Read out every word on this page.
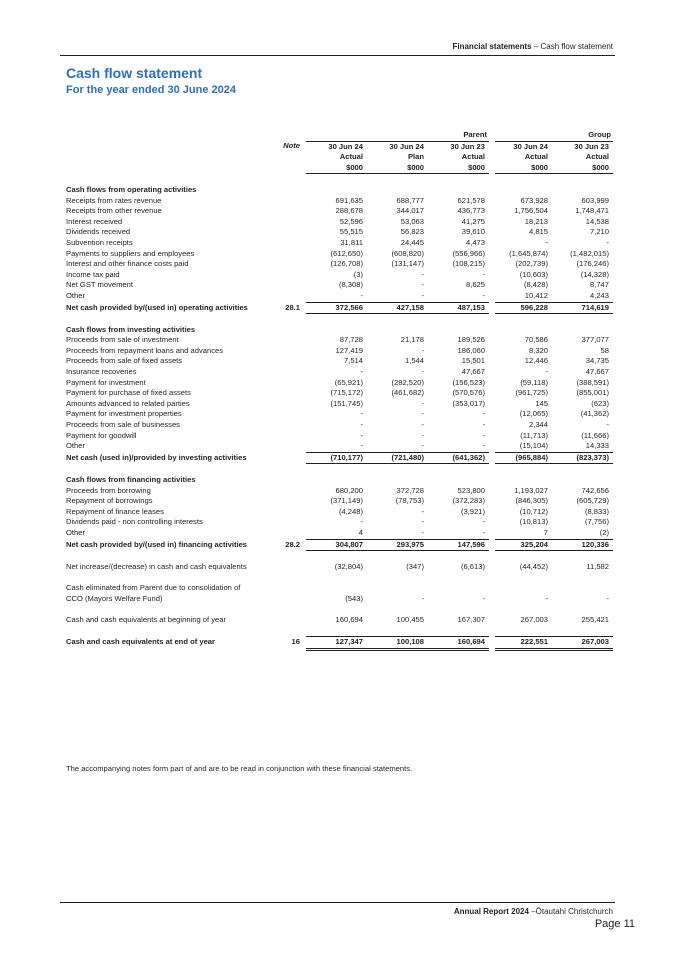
Financial statements – Cash flow statement
Cash flow statement
For the year ended 30 June 2024
		Parent				Group	
	Note	30 Jun 24	30 Jun 24	30 Jun 23		30 Jun 24	30 Jun 23
		Actual	Plan	Actual		Actual	Actual
		$000	$000	$000		$000	$000

Cash flows from operating activities							
Receipts from rates revenue		691,635	688,777	621,578		673,928	603,999
Receipts from other revenue		288,678	344,017	436,773		1,756,504	1,748,471
Interest received		52,596	53,063	41,275		18,213	14,538
Dividends received		55,515	56,823	39,610		4,815	7,210
Subvention receipts		31,811	24,445	4,473		-	-
Payments to suppliers and employees		(612,650)	(608,820)	(556,966)		(1,645,874)	(1,482,015)
Interest and other finance costs paid		(126,708)	(131,147)	(108,215)		(202,739)	(176,246)
Income tax paid		(3)	-	-		(10,603)	(14,328)
Net GST movement		(8,308)	-	8,625		(8,428)	8,747
Other		-	-	-		10,412	4,243
Net cash provided by/(used in) operating activities	28.1	372,566	427,158	487,153		596,228	714,619

Cash flows from investing activities							
Proceeds from sale of investment		87,728	21,178	189,526		70,586	377,077
Proceeds from repayment loans and advances		127,419	-	186,060		8,320	58
Proceeds from sale of fixed assets		7,514	1,544	15,501		12,446	34,735
Insurance recoveries		-	-	47,667		-	47,667
Payment for investment		(65,921)	(282,520)	(156,523)		(59,118)	(388,591)
Payment for purchase of fixed assets		(715,172)	(461,682)	(570,576)		(961,725)	(855,001)
Amounts advanced to related parties		(151,745)	-	(353,017)		145	(623)
Payment for investment properties		-	-	-		(12,065)	(41,362)
Proceeds from sale of businesses		-	-	-		2,344	-
Payment for goodwill		-	-	-		(11,713)	(11,666)
Other		-	-	-		(15,104)	14,333
Net cash (used in)/provided by investing activities		(710,177)	(721,480)	(641,362)		(965,884)	(823,373)

Cash flows from financing activities							
Proceeds from borrowing		680,200	372,728	523,800		1,193,027	742,656
Repayment of borrowings		(371,149)	(78,753)	(372,283)		(846,305)	(605,729)
Repayment of finance leases		(4,248)	-	(3,921)		(10,712)	(8,833)
Dividends paid - non controlling interests		-	-	-		(10,813)	(7,756)
Other		4	-	-		7	(2)
Net cash provided by/(used in) financing activities	28.2	304,807	293,975	147,596		325,204	120,336

Net increase/(decrease) in cash and cash equivalents		(32,804)	(347)	(6,613)		(44,452)	11,582

Cash eliminated from Parent due to consolidation of							
CCO (Mayors Welfare Fund)		(543)	-	-		-	-

Cash and cash equivalents at beginning of year		160,694	100,455	167,307		267,003	255,421

Cash and cash equivalents at end of year	16	127,347	100,108	160,694		222,551	267,003
The accompanying notes form part of and are to be read in conjunction with these financial statements.
Annual Report 2024 –Ōtautahi Christchurch
Page 11
